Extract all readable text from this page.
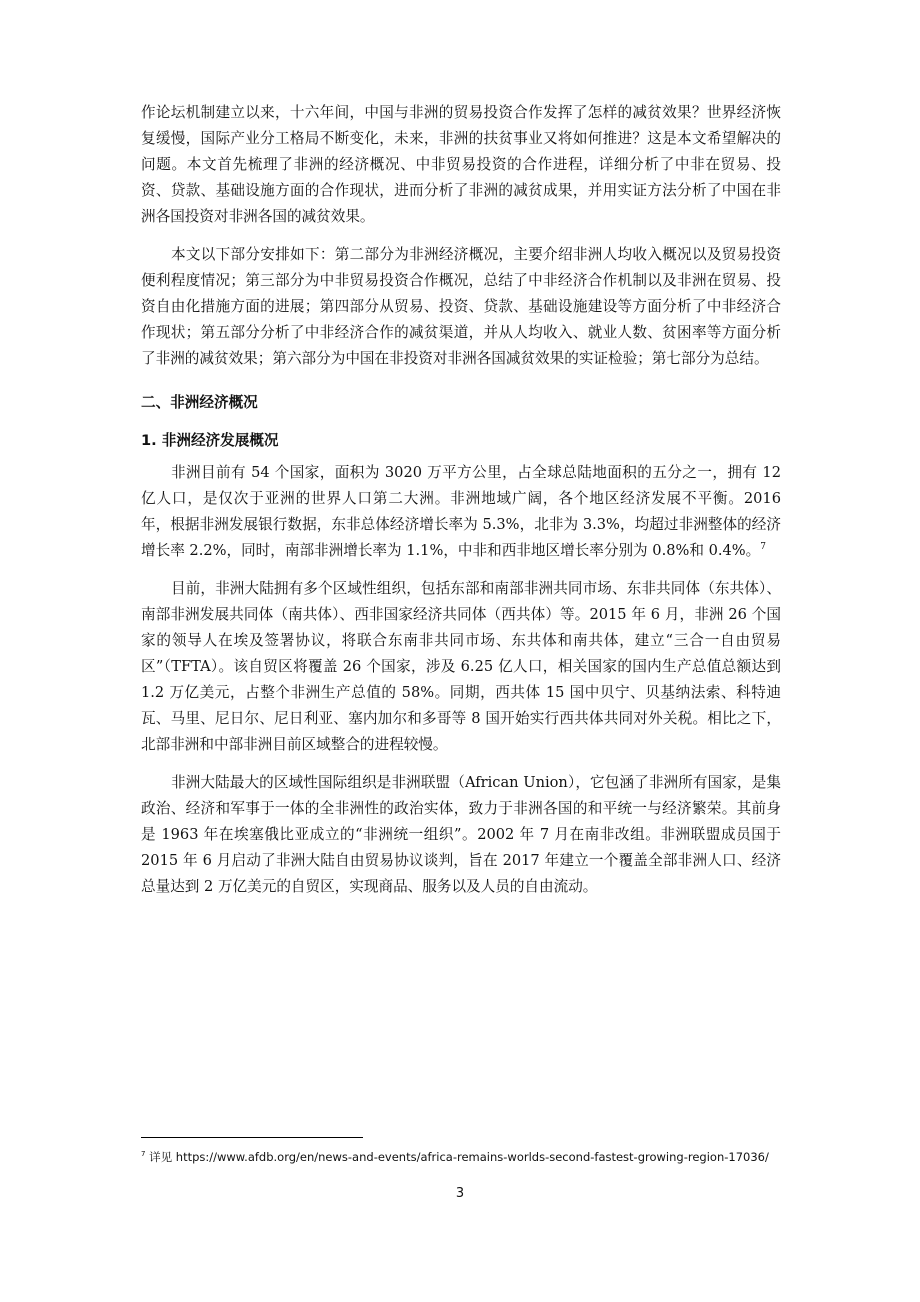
作论坛机制建立以来，十六年间，中国与非洲的贸易投资合作发挥了怎样的减贫效果？世界经济恢复缓慢，国际产业分工格局不断变化，未来，非洲的扶贫事业又将如何推进？这是本文希望解决的问题。本文首先梳理了非洲的经济概况、中非贸易投资的合作进程，详细分析了中非在贸易、投资、贷款、基础设施方面的合作现状，进而分析了非洲的减贫成果，并用实证方法分析了中国在非洲各国投资对非洲各国的减贫效果。

本文以下部分安排如下：第二部分为非洲经济概况，主要介绍非洲人均收入概况以及贸易投资便利程度情况；第三部分为中非贸易投资合作概况，总结了中非经济合作机制以及非洲在贸易、投资自由化措施方面的进展；第四部分从贸易、投资、贷款、基础设施建设等方面分析了中非经济合作现状；第五部分分析了中非经济合作的减贫渠道，并从人均收入、就业人数、贫困率等方面分析了非洲的减贫效果；第六部分为中国在非投资对非洲各国减贫效果的实证检验；第七部分为总结。

二、非洲经济概况

1. 非洲经济发展概况

非洲目前有 54 个国家，面积为 3020 万平方公里，占全球总陆地面积的五分之一，拥有 12 亿人口，是仅次于亚洲的世界人口第二大洲。非洲地域广阔，各个地区经济发展不平衡。2016 年，根据非洲发展银行数据，东非总体经济增长率为 5.3%，北非为 3.3%，均超过非洲整体的经济增长率 2.2%，同时，南部非洲增长率为 1.1%，中非和西非地区增长率分别为 0.8%和 0.4%。$^7$

目前，非洲大陆拥有多个区域性组织，包括东部和南部非洲共同市场、东非共同体（东共体）、南部非洲发展共同体（南共体）、西非国家经济共同体（西共体）等。2015 年 6 月，非洲 26 个国家的领导人在埃及签署协议，将联合东南非共同市场、东共体和南共体，建立“三合一自由贸易区”（TFTA）。该自贸区将覆盖 26 个国家，涉及 6.25 亿人口，相关国家的国内生产总值总额达到 1.2 万亿美元，占整个非洲生产总值的 58%。同期，西共体 15 国中贝宁、贝基纳法索、科特迪瓦、马里、尼日尔、尼日利亚、塞内加尔和多哥等 8 国开始实行西共体共同对外关税。相比之下，北部非洲和中部非洲目前区域整合的进程较慢。

非洲大陆最大的区域性国际组织是非洲联盟（African Union），它包涵了非洲所有国家，是集政治、经济和军事于一体的全非洲性的政治实体，致力于非洲各国的和平统一与经济繁荣。其前身是 1963 年在埃塞俄比亚成立的“非洲统一组织”。2002 年 7 月在南非改组。非洲联盟成员国于 2015 年 6 月启动了非洲大陆自由贸易协议谈判，旨在 2017 年建立一个覆盖全部非洲人口、经济总量达到 2 万亿美元的自贸区，实现商品、服务以及人员的自由流动。

$^7$ 详见 https://www.afdb.org/en/news-and-events/africa-remains-worlds-second-fastest-growing-region-17036/
3
